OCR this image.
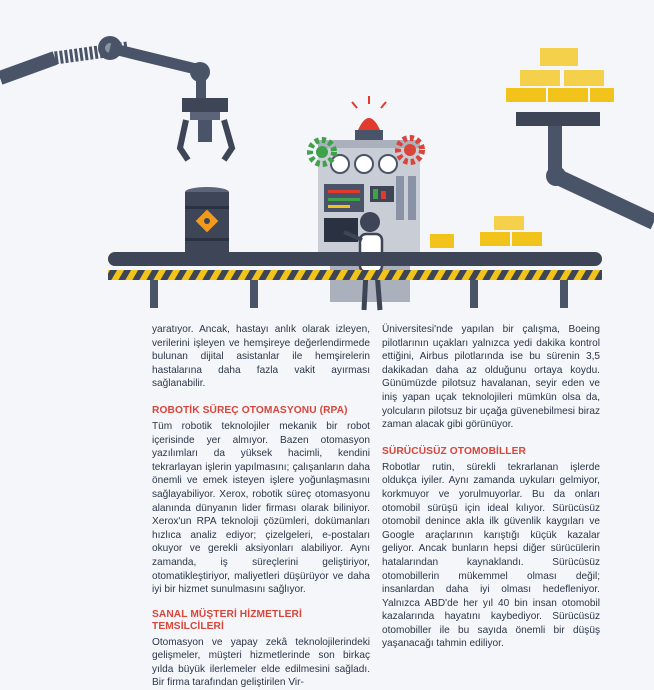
yaratıyor. Ancak, hastayı anlık olarak izleyen, verilerini işleyen ve hemşireye değerlendirmede bulunan dijital asistanlar ile hemşirelerin hastalarına daha fazla vakit ayırması sağlanabilir.

ROBOTİK SÜREÇ OTOMASYONU (RPA)

Tüm robotik teknolojiler mekanik bir robot içerisinde yer almıyor. Bazen otomasyon yazılımları da yüksek hacimli, kendini tekrarlayan işlerin yapılmasını; çalışanların daha önemli ve emek isteyen işlere yoğunlaşmasını sağlayabiliyor. Xerox, robotik süreç otomasyonu alanında dünyanın lider firması olarak biliniyor. Xerox'un RPA teknoloji çözümleri, dokümanları hızlıca analiz ediyor; çizelgeleri, e-postaları okuyor ve gerekli aksiyonları alabiliyor. Aynı zamanda, iş süreçlerini geliştiriyor, otomatikleştiriyor, maliyetleri düşürüyor ve daha iyi bir hizmet sunulmasını sağlıyor.

SANAL MÜŞTERİ HİZMETLERİ TEMSİLCİLERİ

Otomasyon ve yapay zekâ teknolojilerindeki gelişmeler, müşteri hizmetlerinde son birkaç yılda büyük ilerlemeler elde edilmesini sağladı. Bir firma tarafından geliştirilen Vir-

Üniversitesi'nde yapılan bir çalışma, Boeing pilotlarının uçakları yalnızca yedi dakika kontrol ettiğini, Airbus pilotlarında ise bu sürenin 3,5 dakikadan daha az olduğunu ortaya koydu. Günümüzde pilotsuz havalanan, seyir eden ve iniş yapan uçak teknolojileri mümkün olsa da, yolcuların pilotsuz bir uçağa güvenebilmesi biraz zaman alacak gibi görünüyor.

SÜRÜCÜSÜZ OTOMOBİLLER

Robotlar rutin, sürekli tekrarlanan işlerde oldukça iyiler. Aynı zamanda uykuları gelmiyor, korkmuyor ve yorulmuyorlar. Bu da onları otomobil sürüşü için ideal kılıyor. Sürücüsüz otomobil denince akla ilk güvenlik kaygıları ve Google araçlarının karıştığı küçük kazalar geliyor. Ancak bunların hepsi diğer sürücülerin hatalarından kaynaklandı. Sürücüsüz otomobillerin mükemmel olması değil; insanlardan daha iyi olması hedefleniyor. Yalnızca ABD'de her yıl 40 bin insan otomobil kazalarında hayatını kaybediyor. Sürücüsüz otomobiller ile bu sayıda önemli bir düşüş yaşanacağı tahmin ediliyor.
